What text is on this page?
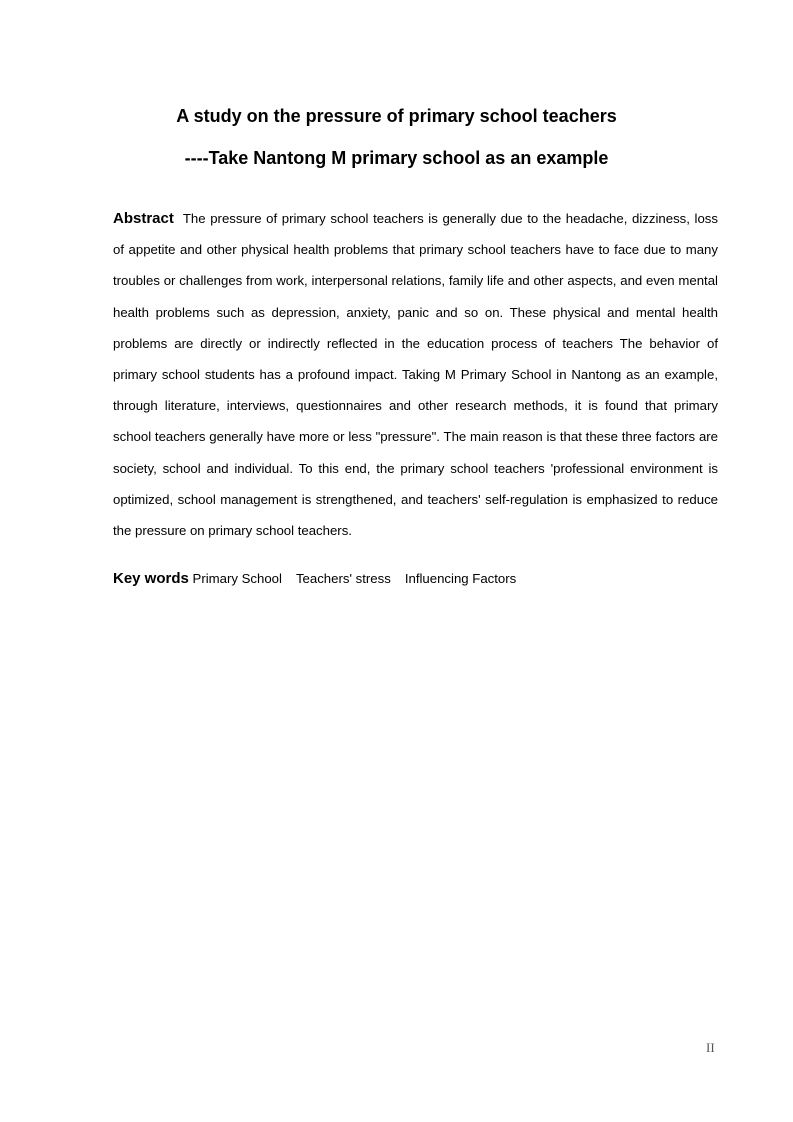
A study on the pressure of primary school teachers
----Take Nantong M primary school as an example

Abstract The pressure of primary school teachers is generally due to the headache, dizziness, loss of appetite and other physical health problems that primary school teachers have to face due to many troubles or challenges from work, interpersonal relations, family life and other aspects, and even mental health problems such as depression, anxiety, panic and so on. These physical and mental health problems are directly or indirectly reflected in the education process of teachers The behavior of primary school students has a profound impact. Taking M Primary School in Nantong as an example, through literature, interviews, questionnaires and other research methods, it is found that primary school teachers generally have more or less "pressure". The main reason is that these three factors are society, school and individual. To this end, the primary school teachers 'professional environment is optimized, school management is strengthened, and teachers' self-regulation is emphasized to reduce the pressure on primary school teachers.

Key words Primary School Teachers' stress Influencing Factors

II
